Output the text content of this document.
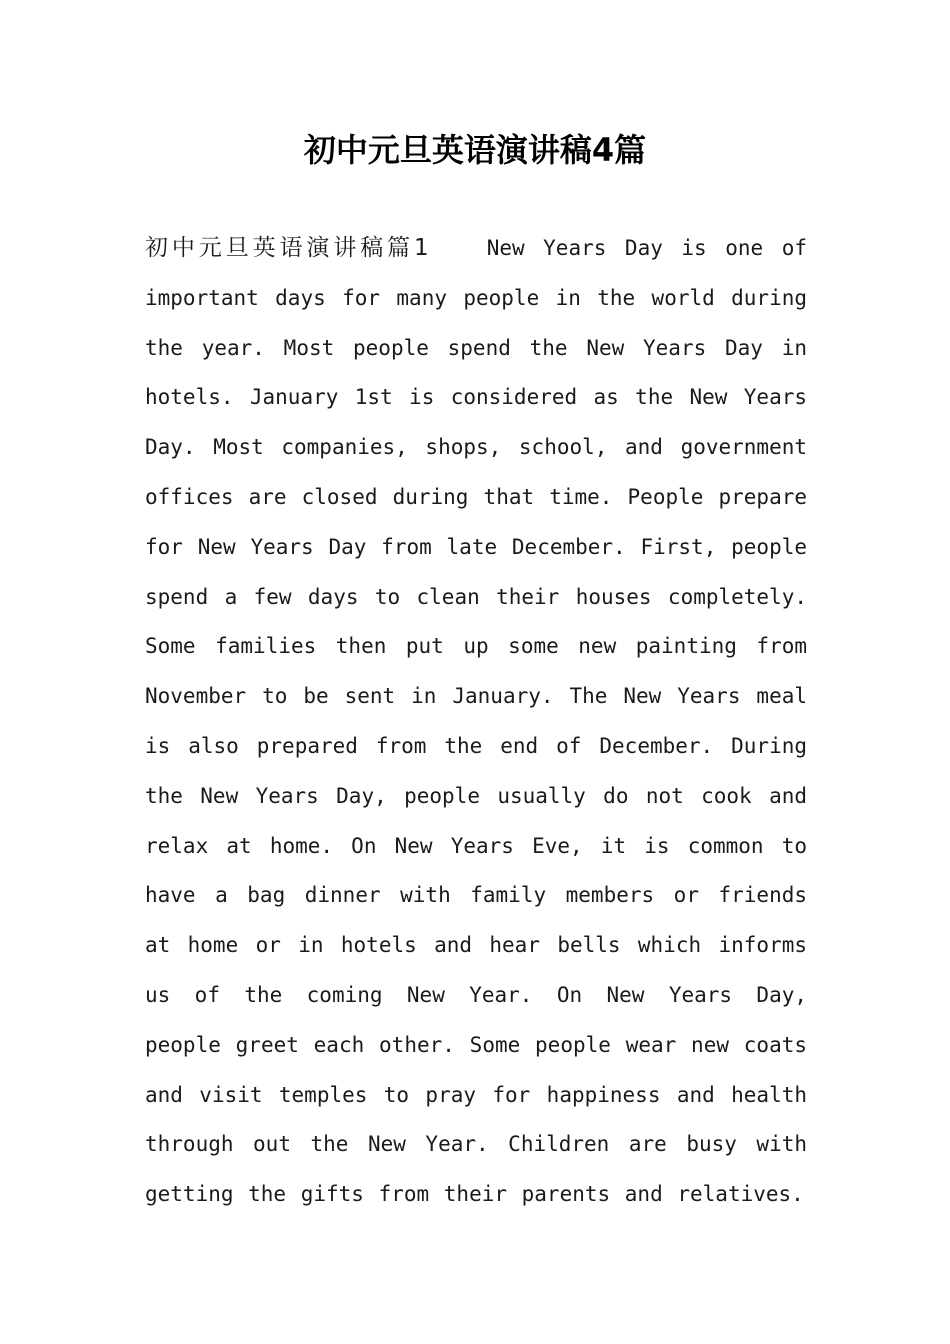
初中元旦英语演讲稿4篇

初中元旦英语演讲稿篇1	New Years Day is one of important days for many people in the world during the year. Most people spend the New Years Day in hotels. January 1st is considered as the New Years Day. Most companies, shops, school, and government offices are closed during that time. People prepare for New Years Day from late December. First, people spend a few days to clean their houses completely. Some families then put up some new painting from November to be sent in January. The New Years meal is also prepared from the end of December. During the New Years Day, people usually do not cook and relax at home. On New Years Eve, it is common to have a bag dinner with family members or friends at home or in hotels and hear bells which informs us of the coming New Year. On New Years Day, people greet each other. Some people wear new coats and visit temples to pray for happiness and health through out the New Year. Children are busy with getting the gifts from their parents and relatives.
